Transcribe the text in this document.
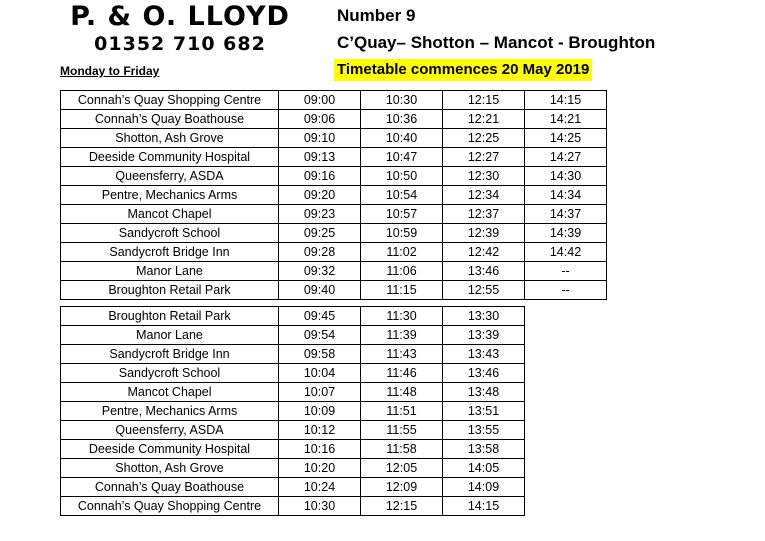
P. & O. LLOYD
01352 710 682
Monday to Friday
Number 9
C’Quay– Shotton – Mancot - Broughton
Timetable commences 20 May 2019
Connah’s Quay Shopping Centre	09:00	10:30	12:15	14:15
Connah’s Quay Boathouse	09:06	10:36	12:21	14:21
Shotton, Ash Grove	09:10	10:40	12:25	14:25
Deeside Community Hospital	09:13	10:47	12:27	14:27
Queensferry, ASDA	09:16	10:50	12:30	14:30
Pentre, Mechanics Arms	09:20	10:54	12:34	14:34
Mancot Chapel	09:23	10:57	12:37	14:37
Sandycroft School	09:25	10:59	12:39	14:39
Sandycroft Bridge Inn	09:28	11:02	12:42	14:42
Manor Lane	09:32	11:06	13:46	--
Broughton Retail Park	09:40	11:15	12:55	--
Broughton Retail Park	09:45	11:30	13:30
Manor Lane	09:54	11:39	13:39
Sandycroft Bridge Inn	09:58	11:43	13:43
Sandycroft School	10:04	11:46	13:46
Mancot Chapel	10:07	11:48	13:48
Pentre, Mechanics Arms	10:09	11:51	13:51
Queensferry, ASDA	10:12	11:55	13:55
Deeside Community Hospital	10:16	11:58	13:58
Shotton, Ash Grove	10:20	12:05	14:05
Connah’s Quay Boathouse	10:24	12:09	14:09
Connah’s Quay Shopping Centre	10:30	12:15	14:15
